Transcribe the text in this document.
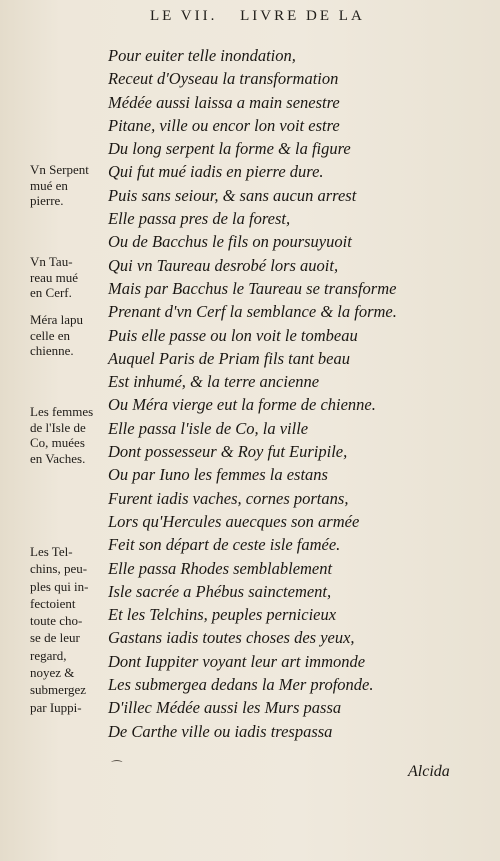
LE VII. LIVRE DE LA
Pour euiter telle inondation,
Receut d'Oyseau la transformation
Médée aussi laissa a main senestre
Pitane, ville ou encor lon voit estre
Du long serpent la forme & la figure
Qui fut mué iadis en pierre dure.
Puis sans seiour, & sans aucun arrest
Elle passa pres de la forest,
Ou de Bacchus le fils on poursuyuoit
Qui vn Taureau desrobé lors auoit,
Mais par Bacchus le Taureau se transforme
Prenant d'vn Cerf la semblance & la forme.
Puis elle passe ou lon voit le tombeau
Auquel Paris de Priam fils tant beau
Est inhumé, & la terre ancienne
Ou Méra vierge eut la forme de chienne.
Elle passa l'isle de Co, la ville
Dont possesseur & Roy fut Euripile,
Ou par Iuno les femmes la estans
Furent iadis vaches, cornes portans,
Lors qu'Hercules auecques son armée
Feit son départ de ceste isle famée.
Elle passa Rhodes semblablement
Isle sacrée a Phébus sainctement,
Et les Telchins, peuples pernicieux
Gastans iadis toutes choses des yeux,
Dont Iuppiter voyant leur art immonde
Les submergea dedans la Mer profonde.
D'illec Médée aussi les Murs passa
De Carthe ville ou iadis trespassa
Vn Serpent
mué en
pierre.
Vn Tau-
reau mué
en Cerf.
Méra lapu
celle en
chienne.
Les femmes
de l'Isle de
Co, muées
en Vaches.
Les Tel-
chins, peu-
ples qui in-
fectoient
toute cho-
se de leur
regard,
noyez &
submergez
par Iuppi-
⁀	Alcida
